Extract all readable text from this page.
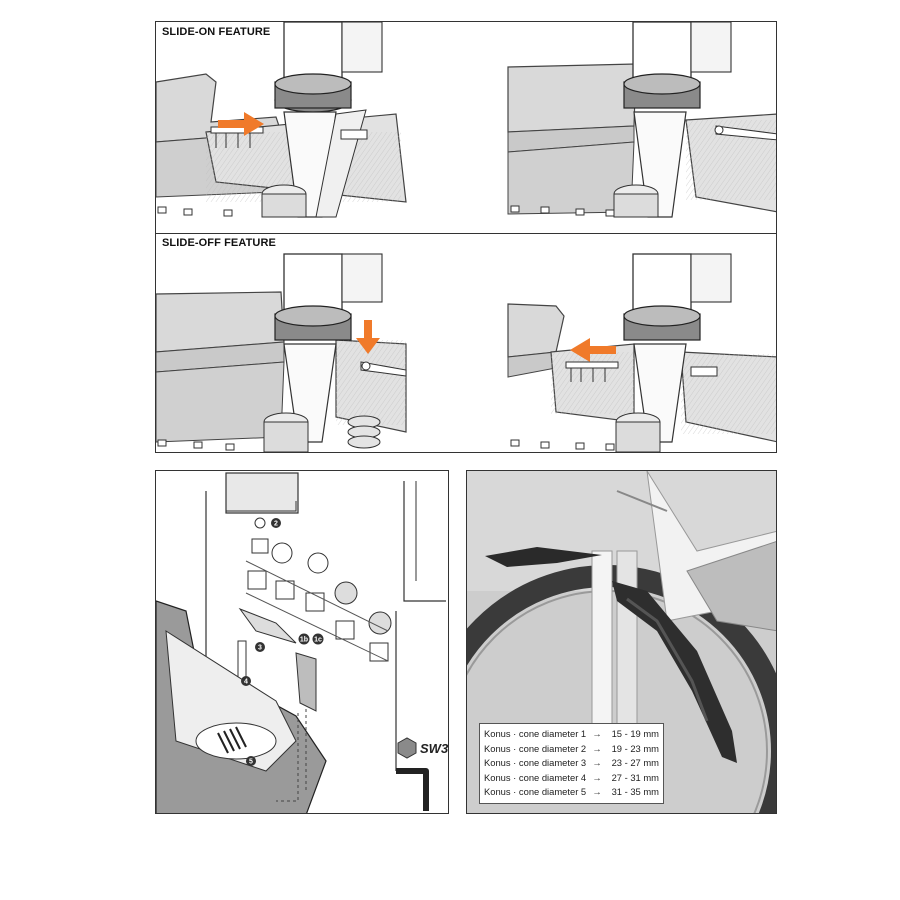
SLIDE-ON FEATURE
SLIDE-OFF FEATURE
2
3
4
5
1b 1c
SW3
Konus · cone diameter 1 →	15 - 19 mm
Konus · cone diameter 2 →	19 - 23 mm
Konus · cone diameter 3 →	23 - 27 mm
Konus · cone diameter 4 →	27 - 31 mm
Konus · cone diameter 5 →	31 - 35 mm
